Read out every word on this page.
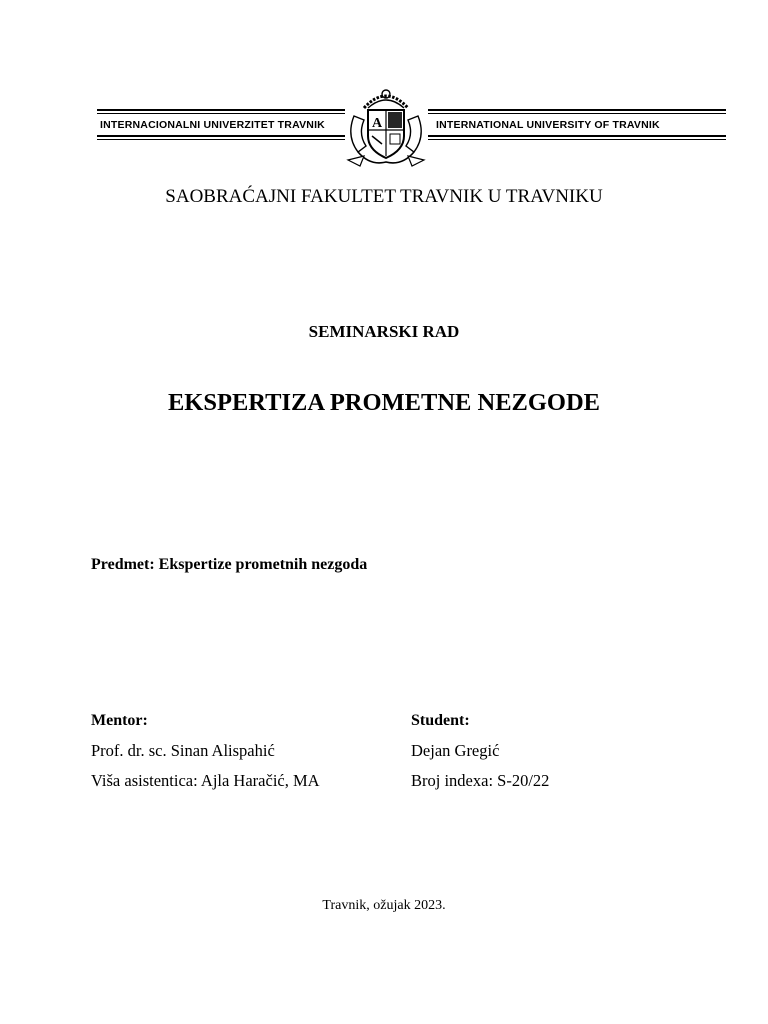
INTERNACIONALNI UNIVERZITET TRAVNIK	INTERNATIONAL UNIVERSITY OF TRAVNIK
A
SAOBRAĆAJNI FAKULTET TRAVNIK U TRAVNIKU
SEMINARSKI RAD
EKSPERTIZA PROMETNE NEZGODE
Predmet: Ekspertize prometnih nezgoda
Mentor:
Prof. dr. sc. Sinan Alispahić
Viša asistentica: Ajla Haračić, MA
Student:
Dejan Gregić
Broj indexa: S-20/22
Travnik, ožujak 2023.
